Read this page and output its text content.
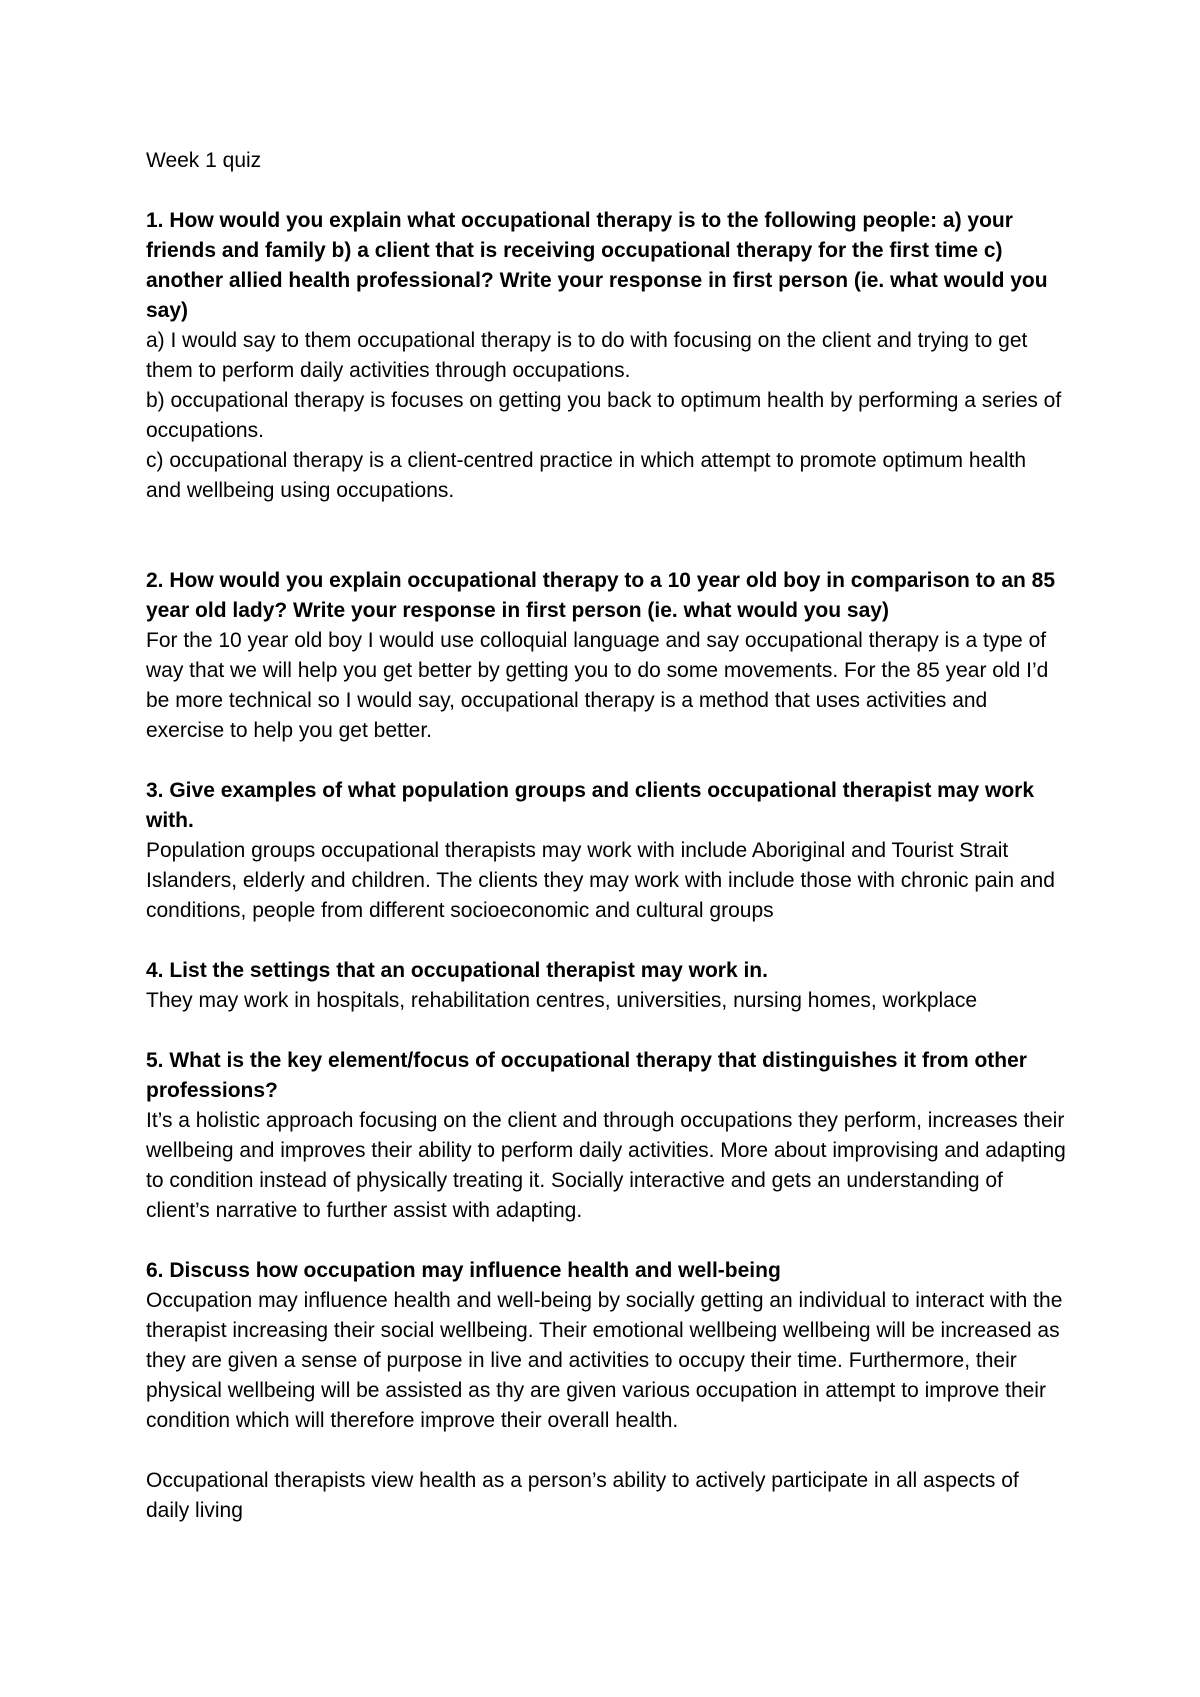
Week 1 quiz

1. How would you explain what occupational therapy is to the following people: a) your friends and family b) a client that is receiving occupational therapy for the first time c) another allied health professional? Write your response in first person (ie. what would you say)

a) I would say to them occupational therapy is to do with focusing on the client and trying to get them to perform daily activities through occupations.
b) occupational therapy is focuses on getting you back to optimum health by performing a series of occupations.
c) occupational therapy is a client-centred practice in which attempt to promote optimum health and wellbeing using occupations.

2. How would you explain occupational therapy to a 10 year old boy in comparison to an 85 year old lady? Write your response in first person (ie. what would you say)

For the 10 year old boy I would use colloquial language and say occupational therapy is a type of way that we will help you get better by getting you to do some movements. For the 85 year old I’d be more technical so I would say, occupational therapy is a method that uses activities and exercise to help you get better.

3. Give examples of what population groups and clients occupational therapist may work with.

Population groups occupational therapists may work with include Aboriginal and Tourist Strait Islanders, elderly and children. The clients they may work with include those with chronic pain and conditions, people from different socioeconomic and cultural groups

4. List the settings that an occupational therapist may work in.

They may work in hospitals, rehabilitation centres, universities, nursing homes, workplace

5. What is the key element/focus of occupational therapy that distinguishes it from other professions?

It’s a holistic approach focusing on the client and through occupations they perform, increases their wellbeing and improves their ability to perform daily activities. More about improvising and adapting to condition instead of physically treating it. Socially interactive and gets an understanding of client’s narrative to further assist with adapting.

6. Discuss how occupation may influence health and well-being

Occupation may influence health and well-being by socially getting an individual to interact with the therapist increasing their social wellbeing. Their emotional wellbeing wellbeing will be increased as they are given a sense of purpose in live and activities to occupy their time. Furthermore, their physical wellbeing will be assisted as thy are given various occupation in attempt to improve their condition which will therefore improve their overall health.

Occupational therapists view health as a person’s ability to actively participate in all aspects of daily living
